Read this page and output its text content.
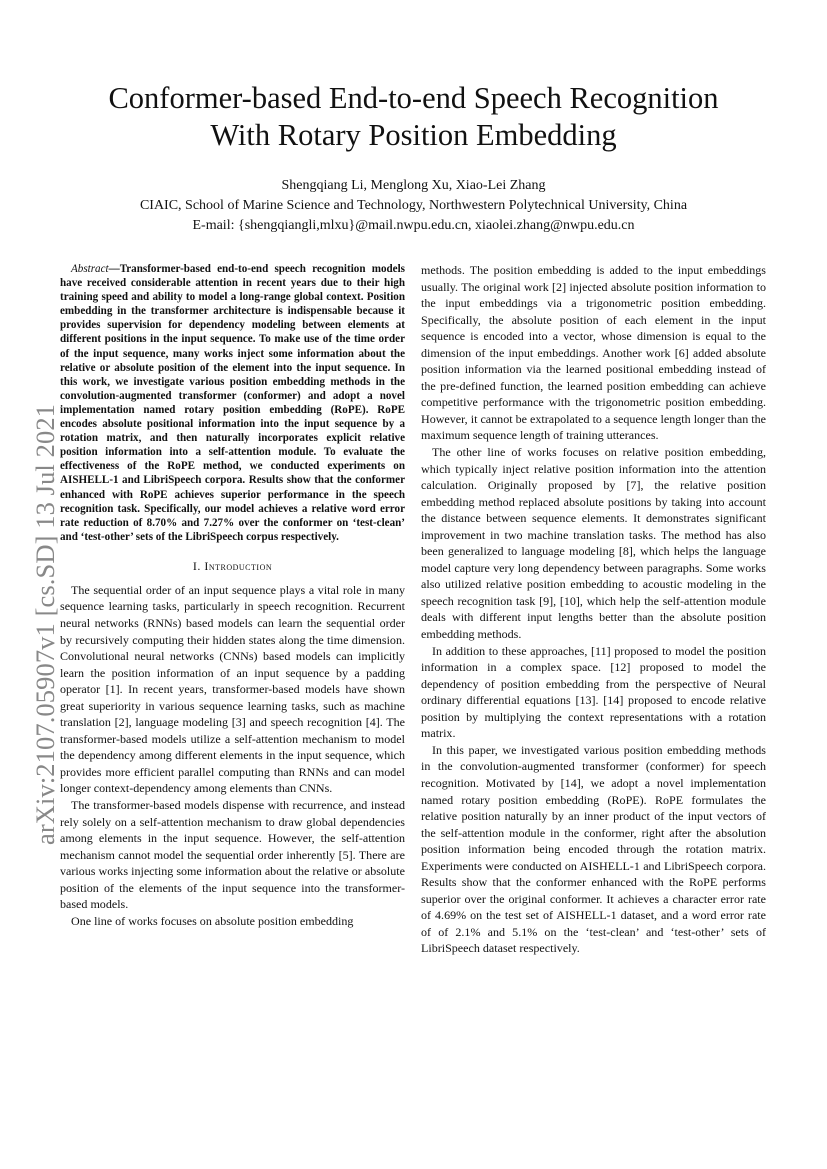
arXiv:2107.05907v1 [cs.SD] 13 Jul 2021
Conformer-based End-to-end Speech Recognition
With Rotary Position Embedding
Shengqiang Li, Menglong Xu, Xiao-Lei Zhang
CIAIC, School of Marine Science and Technology, Northwestern Polytechnical University, China
E-mail: {shengqiangli,mlxu}@mail.nwpu.edu.cn, xiaolei.zhang@nwpu.edu.cn

Abstract—Transformer-based end-to-end speech recognition models have received considerable attention in recent years due to their high training speed and ability to model a long-range global context. Position embedding in the transformer architecture is indispensable because it provides supervision for dependency modeling between elements at different positions in the input sequence. To make use of the time order of the input sequence, many works inject some information about the relative or absolute position of the element into the input sequence. In this work, we investigate various position embedding methods in the convolution-augmented transformer (conformer) and adopt a novel implementation named rotary position embedding (RoPE). RoPE encodes absolute positional information into the input sequence by a rotation matrix, and then naturally incorporates explicit relative position information into a self-attention module. To evaluate the effectiveness of the RoPE method, we conducted experiments on AISHELL-1 and LibriSpeech corpora. Results show that the conformer enhanced with RoPE achieves superior performance in the speech recognition task. Specifically, our model achieves a relative word error rate reduction of 8.70% and 7.27% over the conformer on ‘test-clean’ and ‘test-other’ sets of the LibriSpeech corpus respectively.

I. Introduction

The sequential order of an input sequence plays a vital role in many sequence learning tasks, particularly in speech recognition. Recurrent neural networks (RNNs) based models can learn the sequential order by recursively computing their hidden states along the time dimension. Convolutional neural networks (CNNs) based models can implicitly learn the position information of an input sequence by a padding operator [1]. In recent years, transformer-based models have shown great superiority in various sequence learning tasks, such as machine translation [2], language modeling [3] and speech recognition [4]. The transformer-based models utilize a self-attention mechanism to model the dependency among different elements in the input sequence, which provides more efficient parallel computing than RNNs and can model longer context-dependency among elements than CNNs.

The transformer-based models dispense with recurrence, and instead rely solely on a self-attention mechanism to draw global dependencies among elements in the input sequence. However, the self-attention mechanism cannot model the sequential order inherently [5]. There are various works injecting some information about the relative or absolute position of the elements of the input sequence into the transformer-based models.

One line of works focuses on absolute position embedding

methods. The position embedding is added to the input embeddings usually. The original work [2] injected absolute position information to the input embeddings via a trigonometric position embedding. Specifically, the absolute position of each element in the input sequence is encoded into a vector, whose dimension is equal to the dimension of the input embeddings. Another work [6] added absolute position information via the learned positional embedding instead of the pre-defined function, the learned position embedding can achieve competitive performance with the trigonometric position embedding. However, it cannot be extrapolated to a sequence length longer than the maximum sequence length of training utterances.

The other line of works focuses on relative position embedding, which typically inject relative position information into the attention calculation. Originally proposed by [7], the relative position embedding method replaced absolute positions by taking into account the distance between sequence elements. It demonstrates significant improvement in two machine translation tasks. The method has also been generalized to language modeling [8], which helps the language model capture very long dependency between paragraphs. Some works also utilized relative position embedding to acoustic modeling in the speech recognition task [9], [10], which help the self-attention module deals with different input lengths better than the absolute position embedding methods.

In addition to these approaches, [11] proposed to model the position information in a complex space. [12] proposed to model the dependency of position embedding from the perspective of Neural ordinary differential equations [13]. [14] proposed to encode relative position by multiplying the context representations with a rotation matrix.

In this paper, we investigated various position embedding methods in the convolution-augmented transformer (conformer) for speech recognition. Motivated by [14], we adopt a novel implementation named rotary position embedding (RoPE). RoPE formulates the relative position naturally by an inner product of the input vectors of the self-attention module in the conformer, right after the absolution position information being encoded through the rotation matrix. Experiments were conducted on AISHELL-1 and LibriSpeech corpora. Results show that the conformer enhanced with the RoPE performs superior over the original conformer. It achieves a character error rate of 4.69% on the test set of AISHELL-1 dataset, and a word error rate of of 2.1% and 5.1% on the ‘test-clean’ and ‘test-other’ sets of LibriSpeech dataset respectively.
